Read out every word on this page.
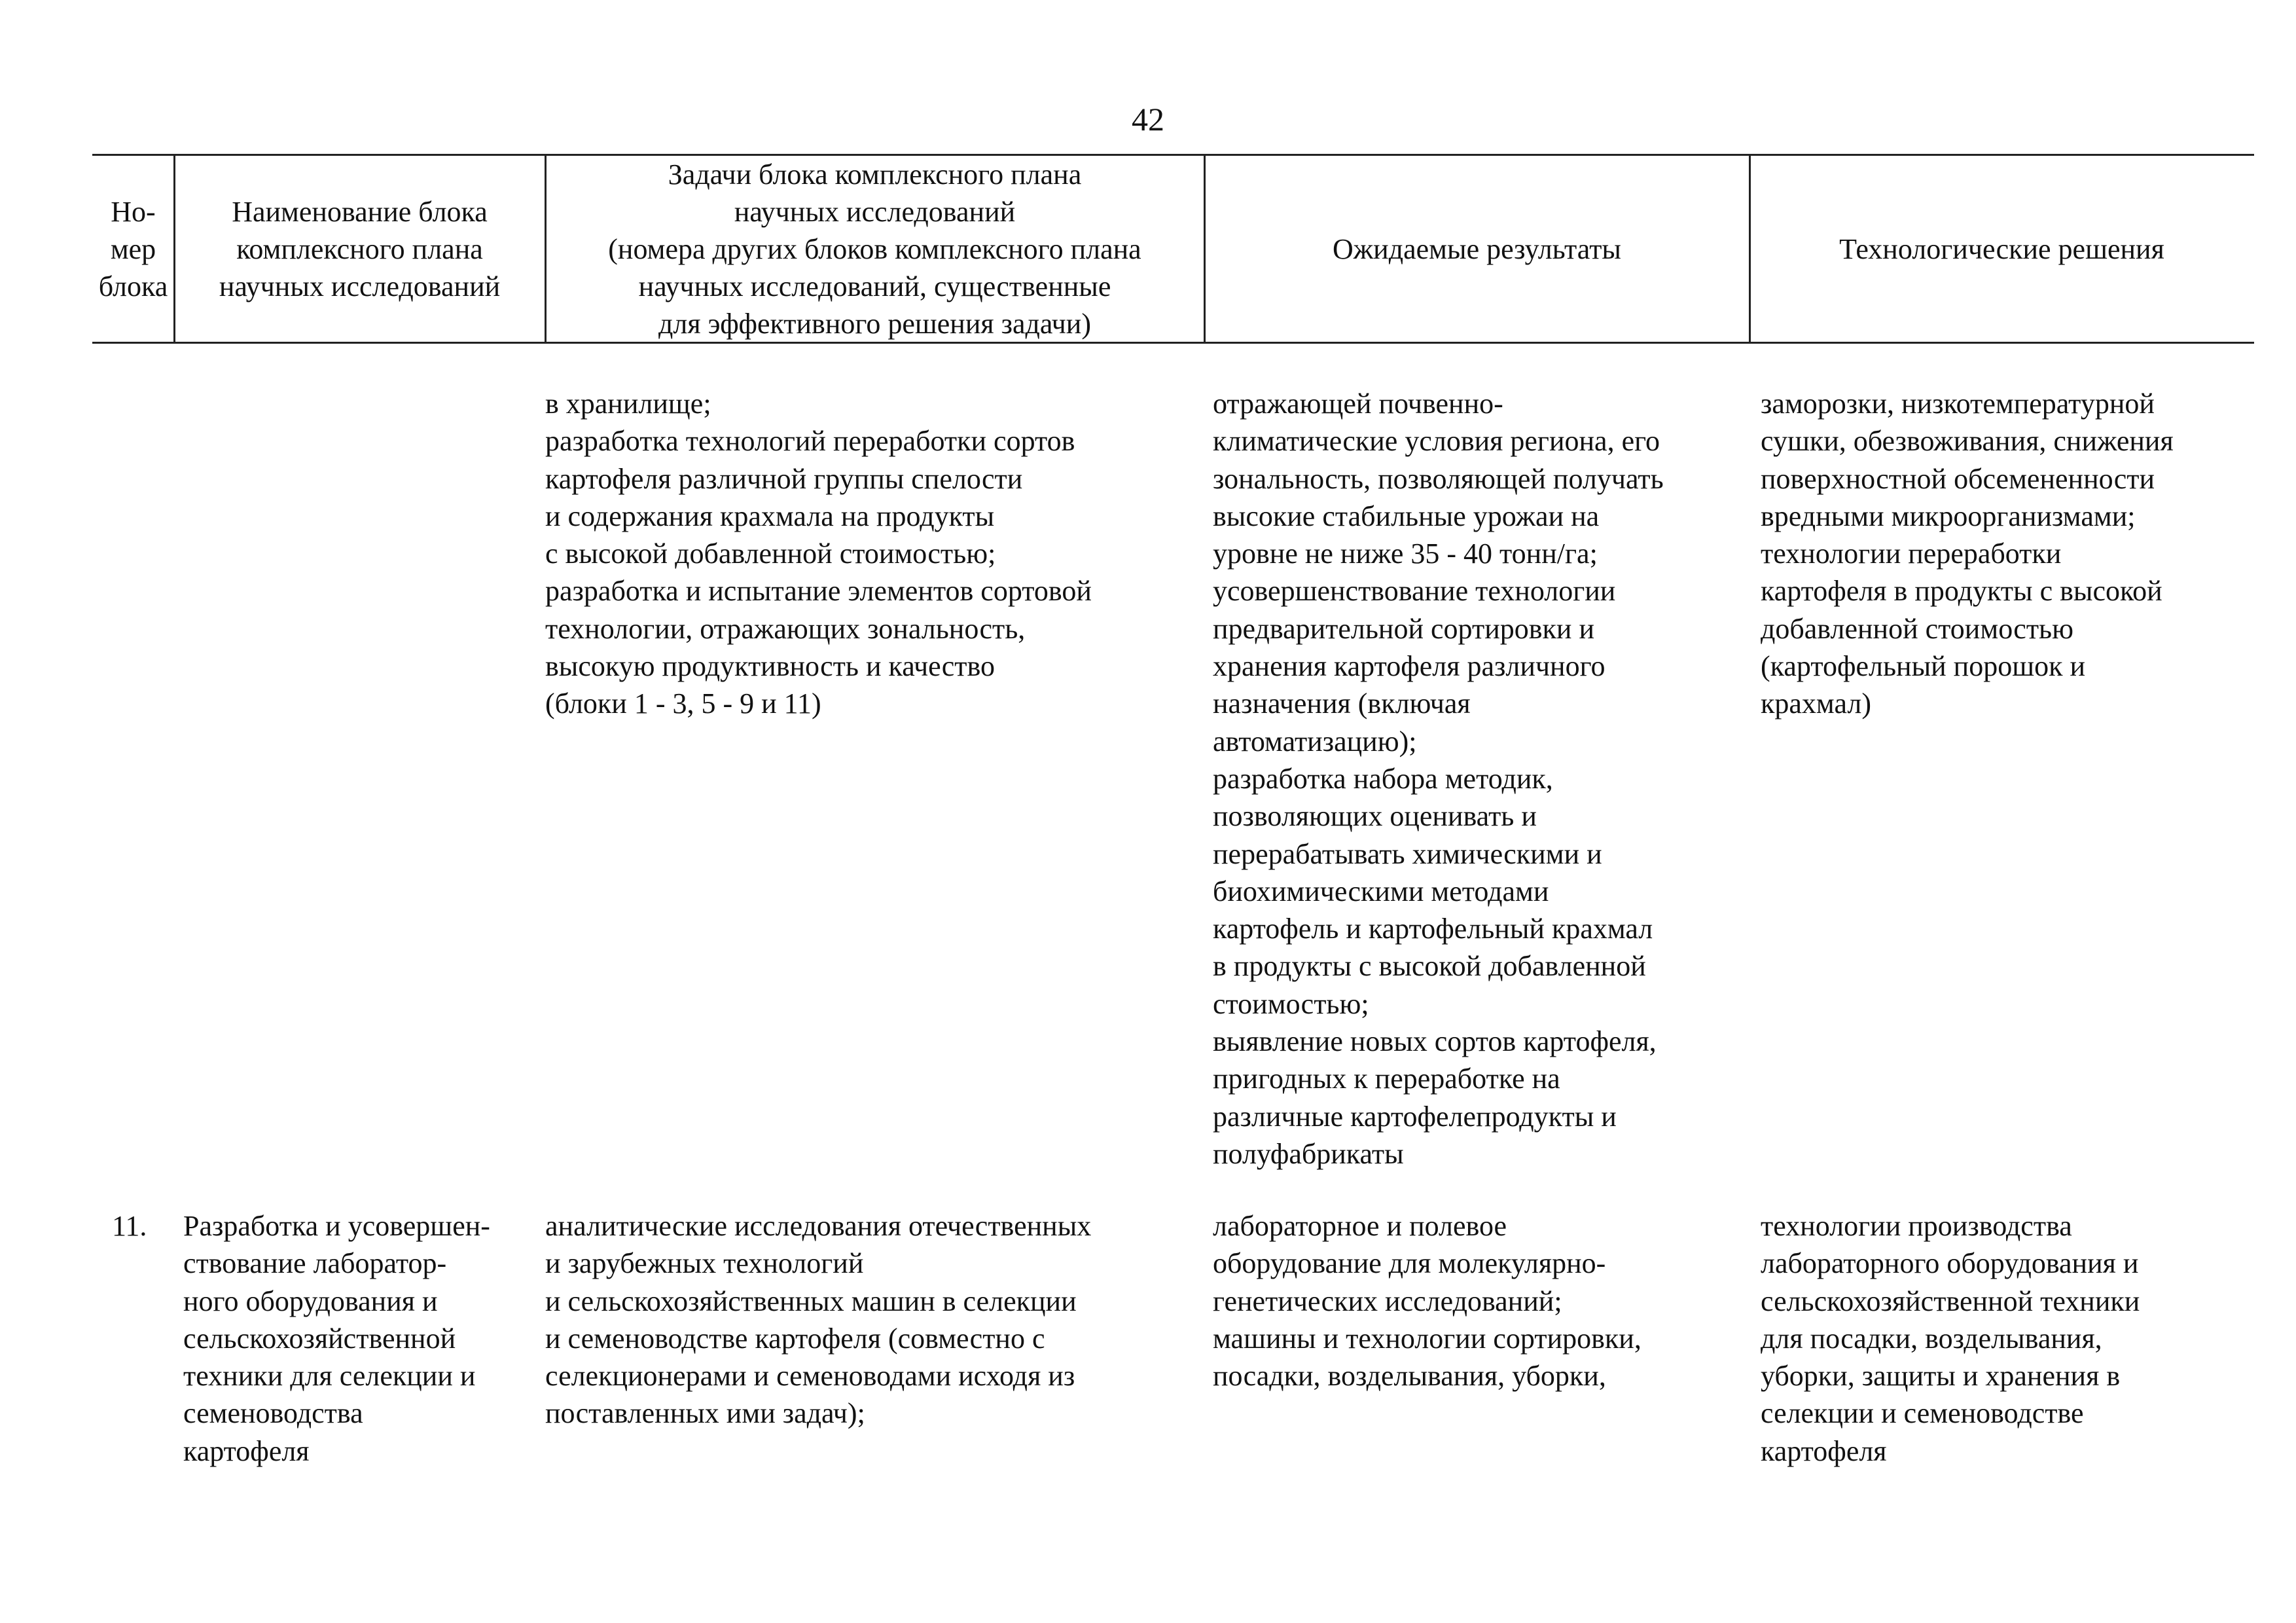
42
Но-
мер
блока
Наименование блока
комплексного плана
научных исследований
Задачи блока комплексного плана
научных исследований
(номера других блоков комплексного плана
научных исследований, существенные
для эффективного решения задачи)
Ожидаемые результаты	Технологические решения
в хранилище;
разработка технологий переработки сортов
картофеля различной группы спелости
и содержания крахмала на продукты
с высокой добавленной стоимостью;
разработка и испытание элементов сортовой
технологии, отражающих зональность,
высокую продуктивность и качество
(блоки 1 - 3, 5 - 9 и 11)
отражающей почвенно-
климатические условия региона, его
зональность, позволяющей получать
высокие стабильные урожаи на
уровне не ниже 35 - 40 тонн/га;
усовершенствование технологии
предварительной сортировки и
хранения картофеля различного
назначения (включая
автоматизацию);
разработка набора методик,
позволяющих оценивать и
перерабатывать химическими и
биохимическими методами
картофель и картофельный крахмал
в продукты с высокой добавленной
стоимостью;
выявление новых сортов картофеля,
пригодных к переработке на
различные картофелепродукты и
полуфабрикаты
заморозки, низкотемпературной
сушки, обезвоживания, снижения
поверхностной обсемененности
вредными микроорганизмами;
технологии переработки
картофеля в продукты с высокой
добавленной стоимостью
(картофельный порошок и
крахмал)
11.	Разработка и усовершен-
ствование лаборатор-
ного оборудования и
сельскохозяйственной
техники для селекции и
семеноводства
картофеля
аналитические исследования отечественных
и зарубежных технологий
и сельскохозяйственных машин в селекции
и семеноводстве картофеля (совместно с
селекционерами и семеноводами исходя из
поставленных ими задач);
лабораторное и полевое
оборудование для молекулярно-
генетических исследований;
машины и технологии сортировки,
посадки, возделывания, уборки,
технологии производства
лабораторного оборудования и
сельскохозяйственной техники
для посадки, возделывания,
уборки, защиты и хранения в
селекции и семеноводстве
картофеля
